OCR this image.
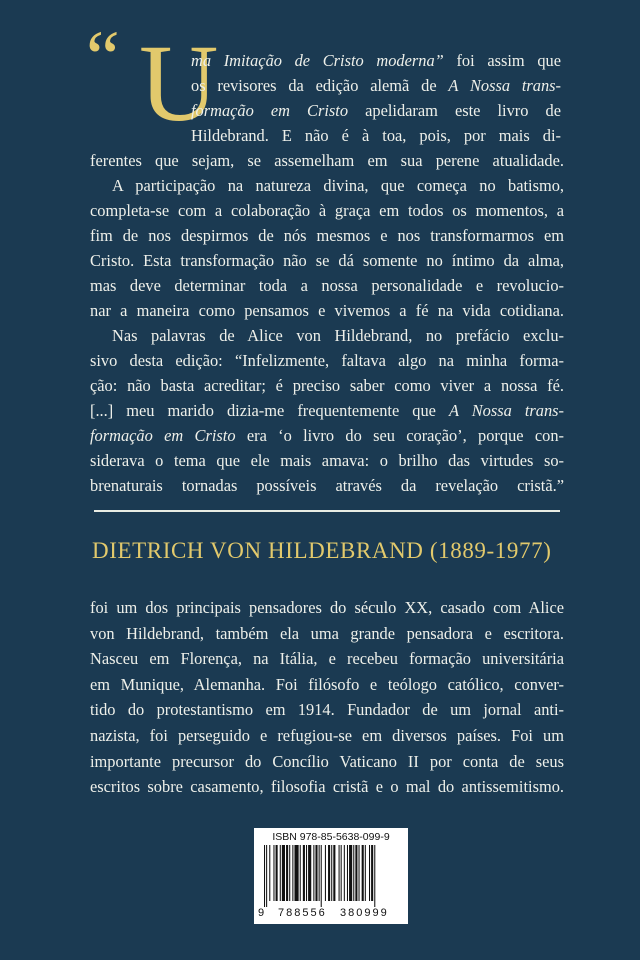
“ U
ma Imitação de Cristo moderna” foi assim que
os revisores da edição alemã de A Nossa trans-
formação em Cristo apelidaram este livro de
Hildebrand. E não é à toa, pois, por mais di-
ferentes que sejam, se assemelham em sua perene atualidade.
A participação na natureza divina, que começa no batismo,
completa-se com a colaboração à graça em todos os momentos, a
fim de nos despirmos de nós mesmos e nos transformarmos em
Cristo. Esta transformação não se dá somente no íntimo da alma,
mas deve determinar toda a nossa personalidade e revolucio-
nar a maneira como pensamos e vivemos a fé na vida cotidiana.
Nas palavras de Alice von Hildebrand, no prefácio exclu-
sivo desta edição: “Infelizmente, faltava algo na minha forma-
ção: não basta acreditar; é preciso saber como viver a nossa fé.
[...] meu marido dizia-me frequentemente que A Nossa trans-
formação em Cristo era ‘o livro do seu coração’, porque con-
siderava o tema que ele mais amava: o brilho das virtudes so-
brenaturais tornadas possíveis através da revelação cristã.”
DIETRICH VON HILDEBRAND (1889-1977)
foi um dos principais pensadores do século XX, casado com Alice
von Hildebrand, também ela uma grande pensadora e escritora.
Nasceu em Florença, na Itália, e recebeu formação universitária
em Munique, Alemanha. Foi filósofo e teólogo católico, conver-
tido do protestantismo em 1914. Fundador de um jornal anti-
nazista, foi perseguido e refugiou-se em diversos países. Foi um
importante precursor do Concílio Vaticano II por conta de seus
escritos sobre casamento, filosofia cristã e o mal do antissemitismo.
ISBN 978-85-5638-099-9
9 788556 380999
